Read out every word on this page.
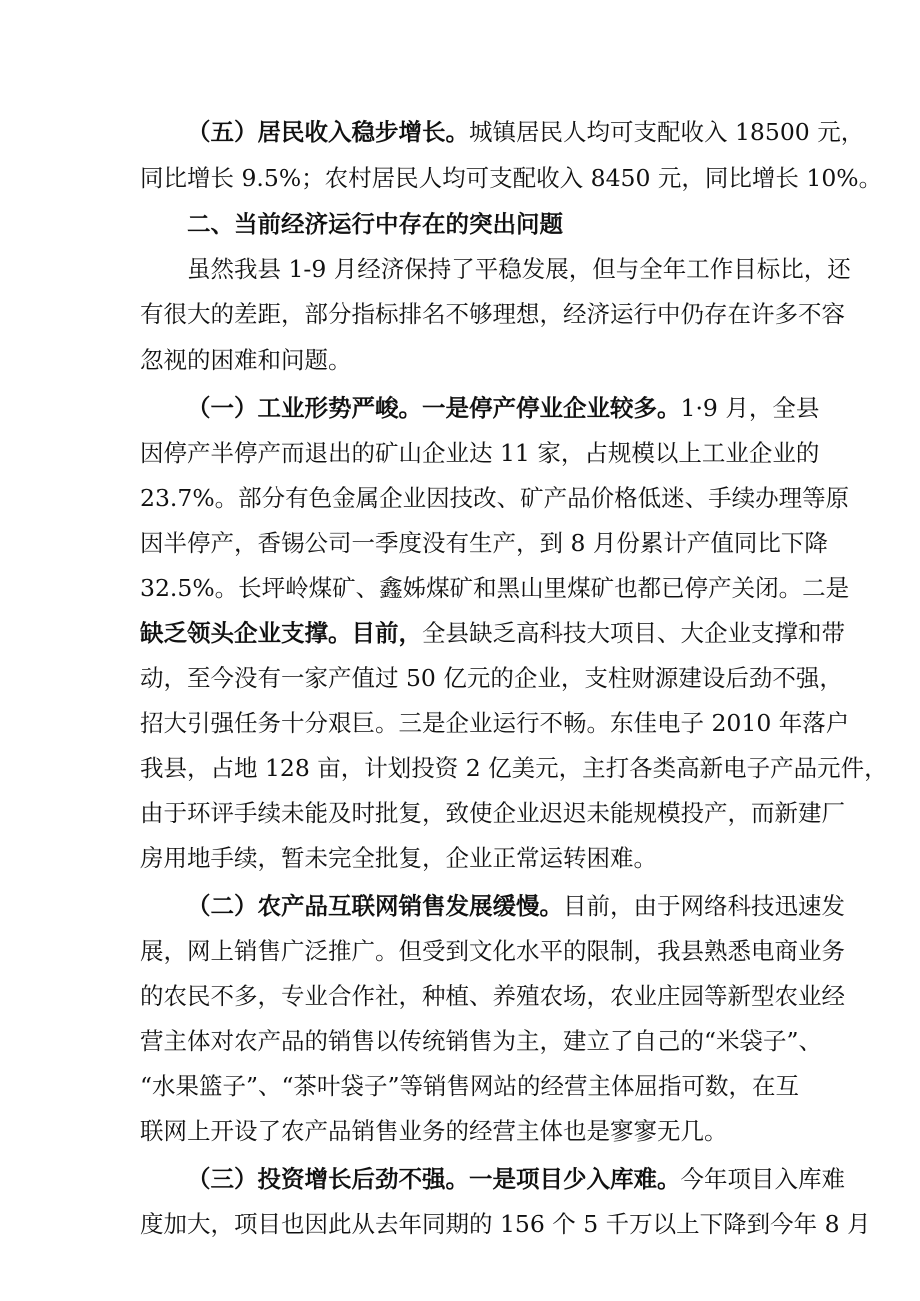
（五）居民收入稳步增长。城镇居民人均可支配收入 18500 元，
同比增长 9.5%；农村居民人均可支配收入 8450 元，同比增长 10%。
二、当前经济运行中存在的突出问题
虽然我县 1-9 月经济保持了平稳发展，但与全年工作目标比，还
有很大的差距，部分指标排名不够理想，经济运行中仍存在许多不容
忽视的困难和问题。
（一）工业形势严峻。一是停产停业企业较多。1·9 月，全县
因停产半停产而退出的矿山企业达 11 家，占规模以上工业企业的
23.7%。部分有色金属企业因技改、矿产品价格低迷、手续办理等原
因半停产，香锡公司一季度没有生产，到 8 月份累计产值同比下降
32.5%。长坪岭煤矿、鑫姊煤矿和黑山里煤矿也都已停产关闭。二是
缺乏领头企业支撑。目前，全县缺乏高科技大项目、大企业支撑和带
动，至今没有一家产值过 50 亿元的企业，支柱财源建设后劲不强，
招大引强任务十分艰巨。三是企业运行不畅。东佳电子 2010 年落户
我县，占地 128 亩，计划投资 2 亿美元，主打各类高新电子产品元件，
由于环评手续未能及时批复，致使企业迟迟未能规模投产，而新建厂
房用地手续，暂未完全批复，企业正常运转困难。
（二）农产品互联网销售发展缓慢。目前，由于网络科技迅速发
展，网上销售广泛推广。但受到文化水平的限制，我县熟悉电商业务
的农民不多，专业合作社，种植、养殖农场，农业庄园等新型农业经
营主体对农产品的销售以传统销售为主，建立了自己的“米袋子”、
“水果篮子”、“茶叶袋子”等销售网站的经营主体屈指可数，在互
联网上开设了农产品销售业务的经营主体也是寥寥无几。
（三）投资增长后劲不强。一是项目少入库难。今年项目入库难
度加大，项目也因此从去年同期的 156 个 5 千万以上下降到今年 8 月
